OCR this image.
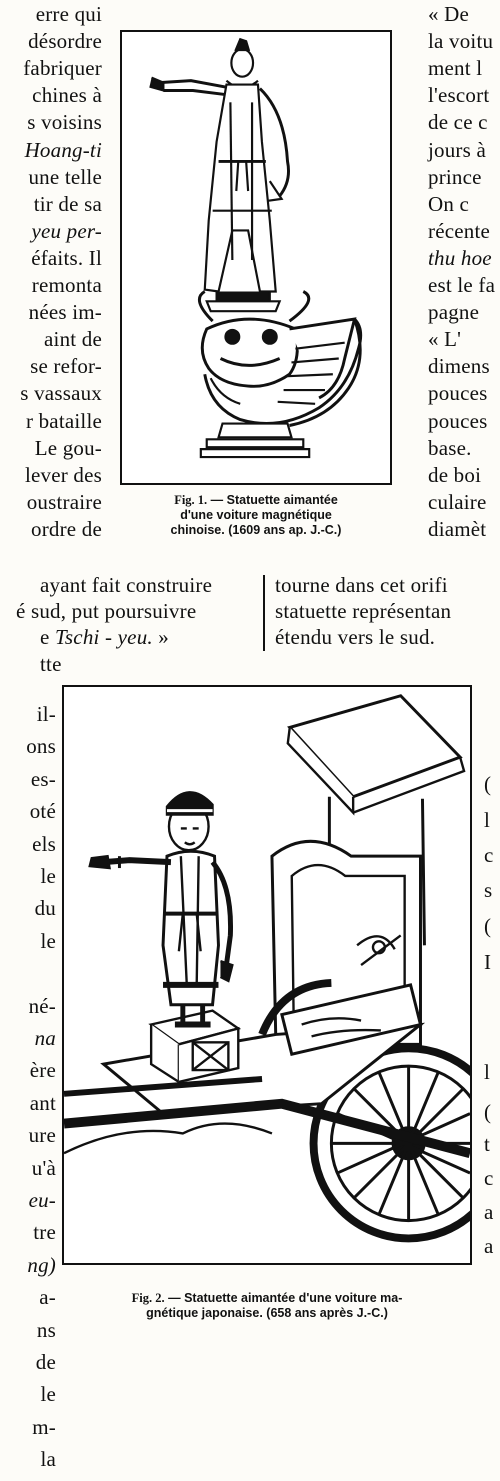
Fig. 1. — Statuette aimantée
d'une voiture magnétique
chinoise. (1609 ans ap. J.-C.)
erre qui
désordre
fabriquer
chines à
s voisins
Hoang-ti
une telle
tir de sa
yeu per-
éfaits. Il
remonta
nées im-
aint de
se refor-
s vassaux
r bataille
Le gou-
lever des
oustraire
ordre de
« De
la voitu
ment l
l'escort
de ce c
jours à
prince
On c
récente
thu hoe
est le fa
pagne
« L'
dimens
pouces
pouces
base.
de boi
culaire
diamèt
ayant fait construire
é sud, put poursuivre
e Tschi - yeu. »
tte
tourne dans cet orifi
statuette représentan
étendu vers le sud.
Fig. 2. — Statuette aimantée d'une voiture ma-
gnétique japonaise. (658 ans après J.-C.)
il-
ons
es-
oté
els
le
du
le
né-
na
ère
ant
ure
u'à
eu-
tre
ng)
a-
ns
de
le
m-
la
(
l
c
s
(
I
l
(
t
c
a
a
